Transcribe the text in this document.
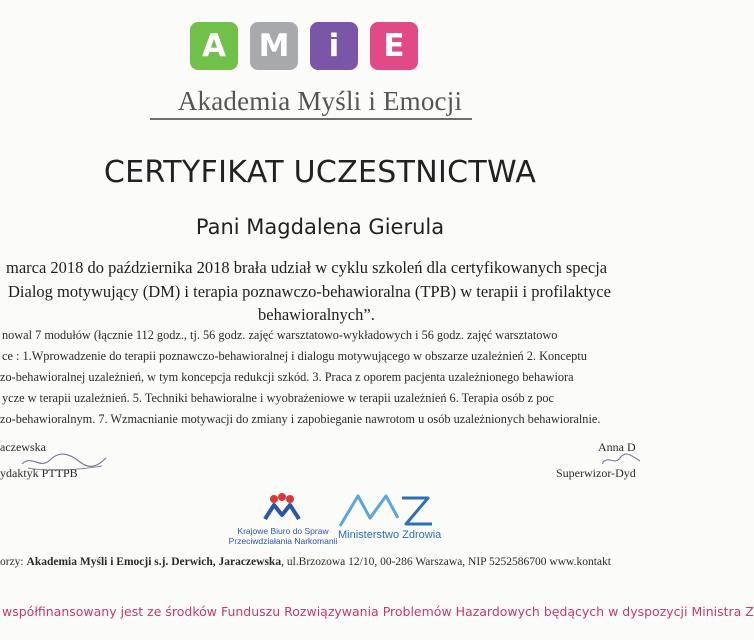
A	M	i	E
Akademia Myśli i Emocji
CERTYFIKAT UCZESTNICTWA
Pani Magdalena Gierula
marca 2018 do października 2018 brała udział w cyklu szkoleń dla certyfikowanych specja
Dialog motywujący (DM) i terapia poznawczo-behawioralna (TPB) w terapii i profilaktyce
behawioralnych”.
nowal 7 modułów (łącznie 112 godz., tj. 56 godz. zajęć warsztatowo-wykładowych i 56 godz. zajęć warsztatowo
ce : 1.Wprowadzenie do terapii poznawczo-behawioralnej i dialogu motywującego w obszarze uzależnień 2. Konceptu
zo-behawioralnej uzależnień, w tym koncepcja redukcji szkód. 3. Praca z oporem pacjenta uzależnionego behawiora
ycze w terapii uzależnień. 5. Techniki behawioralne i wyobrażeniowe w terapii uzależnień 6. Terapia osób z poc
zo-behawioralnym. 7. Wzmacnianie motywacji do zmiany i zapobieganie nawrotom u osób uzależnionych behawioralnie.
aczewska
ydaktyk PTTPB
Anna D
Superwizor-Dyd
Krajowe Biuro do Spraw
Przeciwdziałania Narkomanii Ministerstwo Zdrowia
orzy: Akademia Myśli i Emocji s.j. Derwich, Jaraczewska, ul.Brzozowa 12/10, 00-286 Warszawa, NIP 5252586700 www.kontakt
współfinansowany jest ze środków Funduszu Rozwiązywania Problemów Hazardowych będących w dyspozycji Ministra Z
